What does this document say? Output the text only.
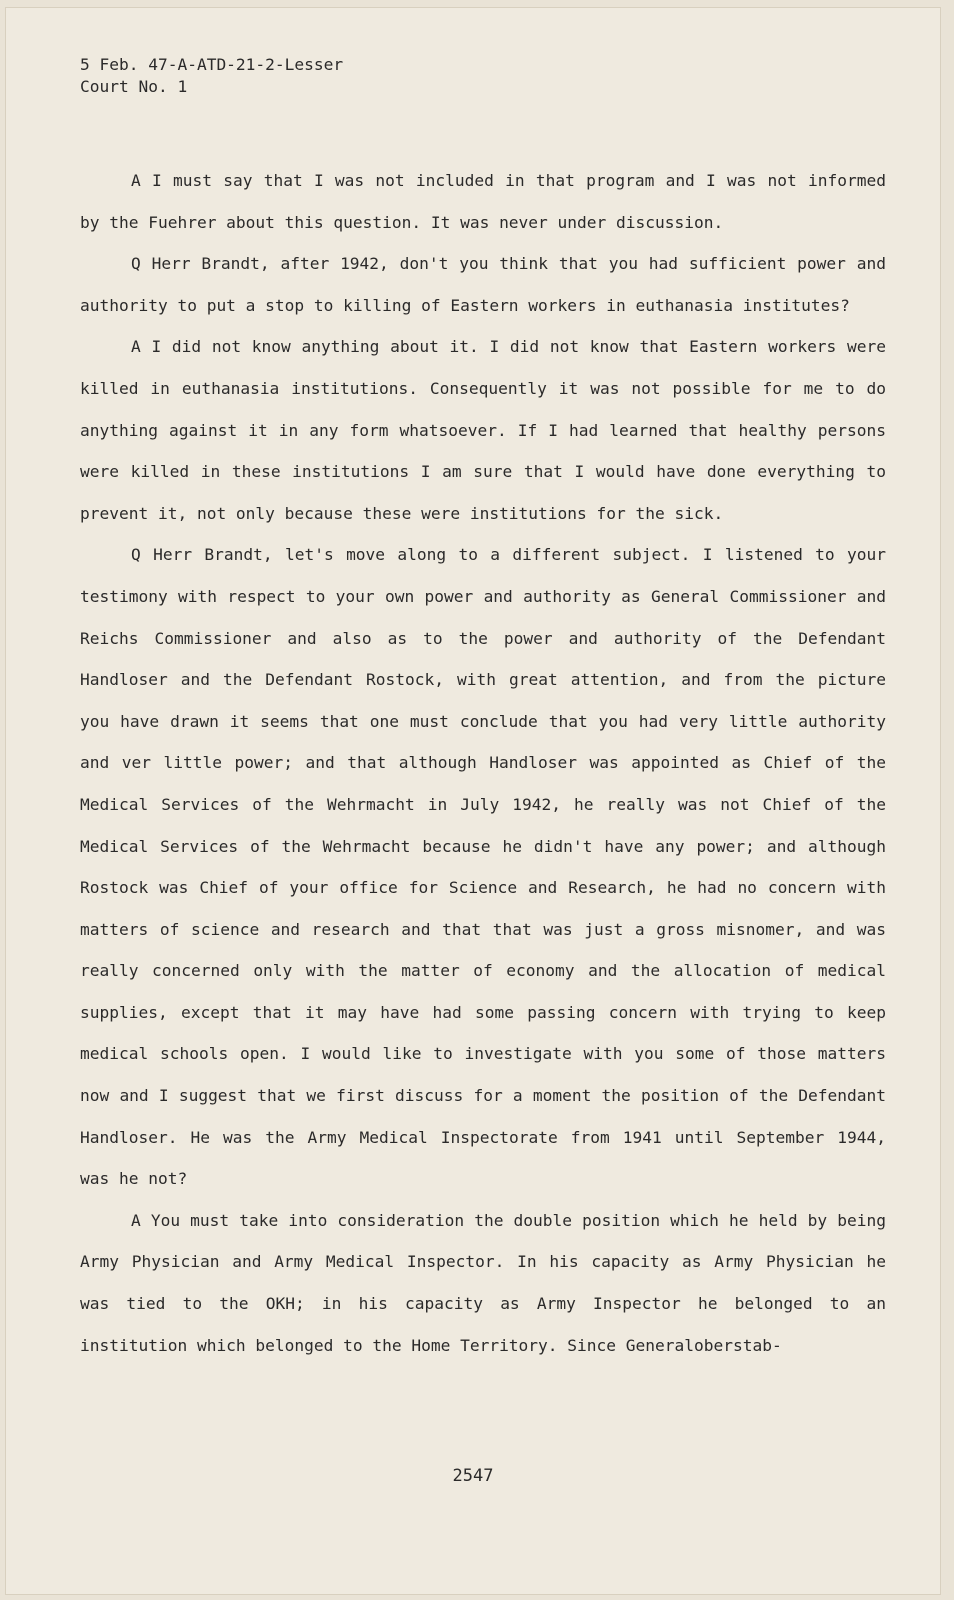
5 Feb. 47-A-ATD-21-2-Lesser
Court No. 1

A I must say that I was not included in that program and I was not informed by the Fuehrer about this question. It was never under discussion.

Q Herr Brandt, after 1942, don't you think that you had sufficient power and authority to put a stop to killing of Eastern workers in euthanasia institutes?

A I did not know anything about it. I did not know that Eastern workers were killed in euthanasia institutions. Consequently it was not possible for me to do anything against it in any form whatsoever. If I had learned that healthy persons were killed in these institutions I am sure that I would have done everything to prevent it, not only because these were institutions for the sick.

Q Herr Brandt, let's move along to a different subject. I listened to your testimony with respect to your own power and authority as General Commissioner and Reichs Commissioner and also as to the power and authority of the Defendant Handloser and the Defendant Rostock, with great attention, and from the picture you have drawn it seems that one must conclude that you had very little authority and ver little power; and that although Handloser was appointed as Chief of the Medical Services of the Wehrmacht in July 1942, he really was not Chief of the Medical Services of the Wehrmacht because he didn't have any power; and although Rostock was Chief of your office for Science and Research, he had no concern with matters of science and research and that that was just a gross misnomer, and was really concerned only with the matter of economy and the allocation of medical supplies, except that it may have had some passing concern with trying to keep medical schools open. I would like to investigate with you some of those matters now and I suggest that we first discuss for a moment the position of the Defendant Handloser. He was the Army Medical Inspectorate from 1941 until September 1944, was he not?

A You must take into consideration the double position which he held by being Army Physician and Army Medical Inspector. In his capacity as Army Physician he was tied to the OKH; in his capacity as Army Inspector he belonged to an institution which belonged to the Home Territory. Since Generaloberstab-

2547
